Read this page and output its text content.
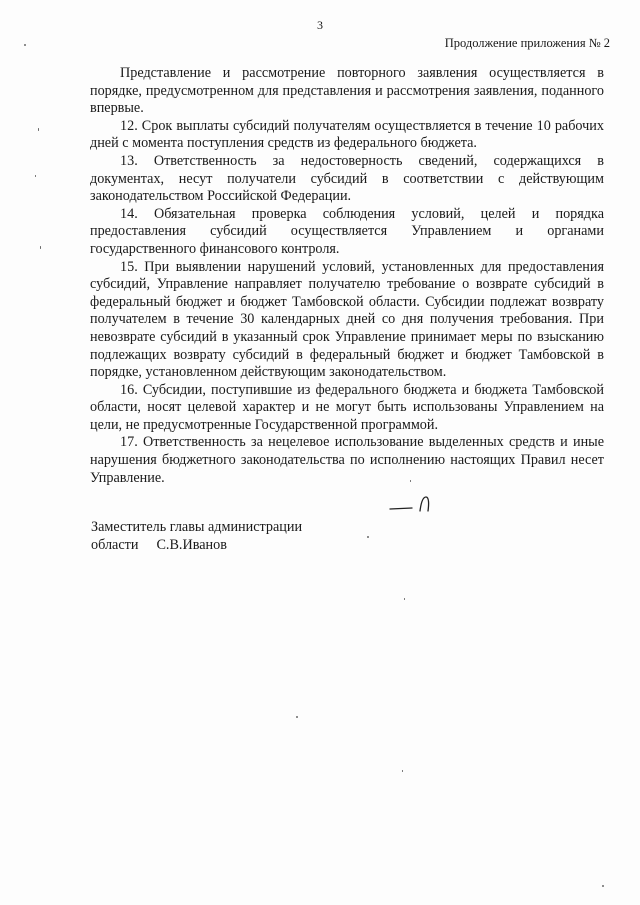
3
Продолжение приложения № 2

Представление и рассмотрение повторного заявления осуществляется в порядке, предусмотренном для представления и рассмотрения заявления, поданного впервые.

12. Срок выплаты субсидий получателям осуществляется в течение 10 рабочих дней с момента поступления средств из федерального бюджета.

13. Ответственность за недостоверность сведений, содержащихся в документах, несут получатели субсидий в соответствии с действующим законодательством Российской Федерации.

14. Обязательная проверка соблюдения условий, целей и порядка предоставления субсидий осуществляется Управлением и органами государственного финансового контроля.

15. При выявлении нарушений условий, установленных для предоставления субсидий, Управление направляет получателю требование о возврате субсидий в федеральный бюджет и бюджет Тамбовской области. Субсидии подлежат возврату получателем в течение 30 календарных дней со дня получения требования. При невозврате субсидий в указанный срок Управление принимает меры по взысканию подлежащих возврату субсидий в федеральный бюджет и бюджет Тамбовской в порядке, установленном действующим законодательством.

16. Субсидии, поступившие из федерального бюджета и бюджета Тамбовской области, носят целевой характер и не могут быть использованы Управлением на цели, не предусмотренные Государственной программой.

17. Ответственность за нецелевое использование выделенных средств и иные нарушения бюджетного законодательства по исполнению настоящих Правил несет Управление.

Заместитель главы администрации
области С.В.Иванов
